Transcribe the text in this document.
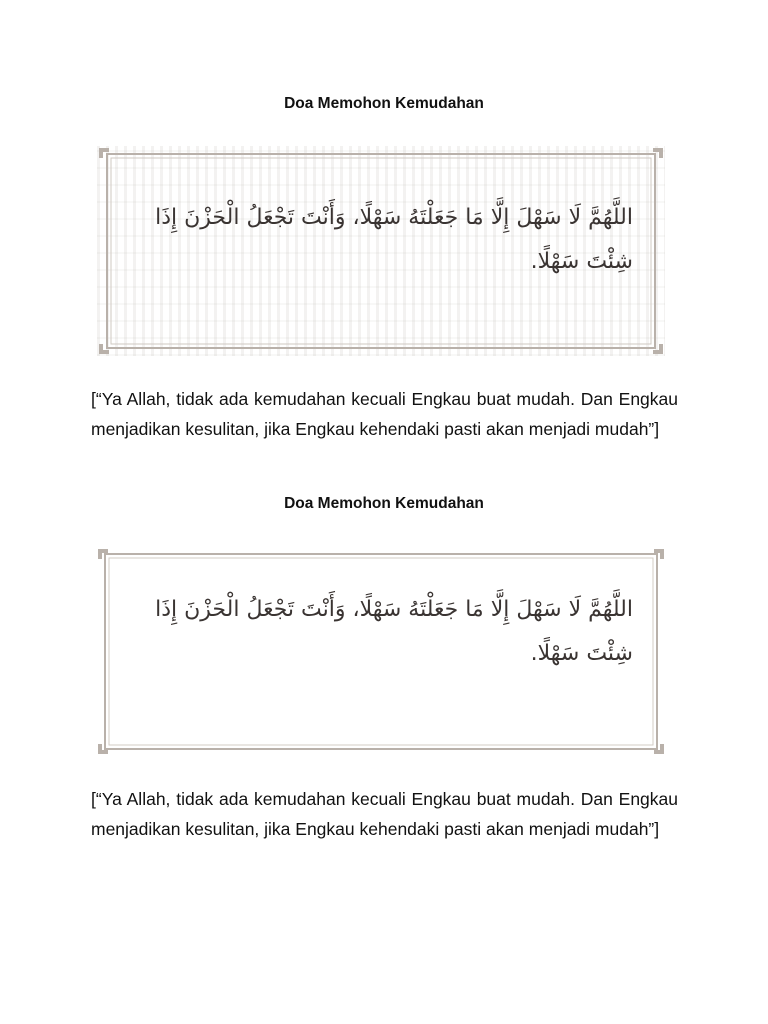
Doa Memohon Kemudahan
اللَّهُمَّ لَا سَهْلَ إِلَّا مَا جَعَلْتَهُ سَهْلًا، وَأَنْتَ تَجْعَلُ الْحَزْنَ إِذَا شِئْتَ سَهْلًا.
[“Ya Allah, tidak ada kemudahan kecuali Engkau buat mudah. Dan Engkau menjadikan kesulitan, jika Engkau kehendaki pasti akan menjadi mudah”]
Doa Memohon Kemudahan
اللَّهُمَّ لَا سَهْلَ إِلَّا مَا جَعَلْتَهُ سَهْلًا، وَأَنْتَ تَجْعَلُ الْحَزْنَ إِذَا شِئْتَ سَهْلًا.
[“Ya Allah, tidak ada kemudahan kecuali Engkau buat mudah. Dan Engkau menjadikan kesulitan, jika Engkau kehendaki pasti akan menjadi mudah”]
